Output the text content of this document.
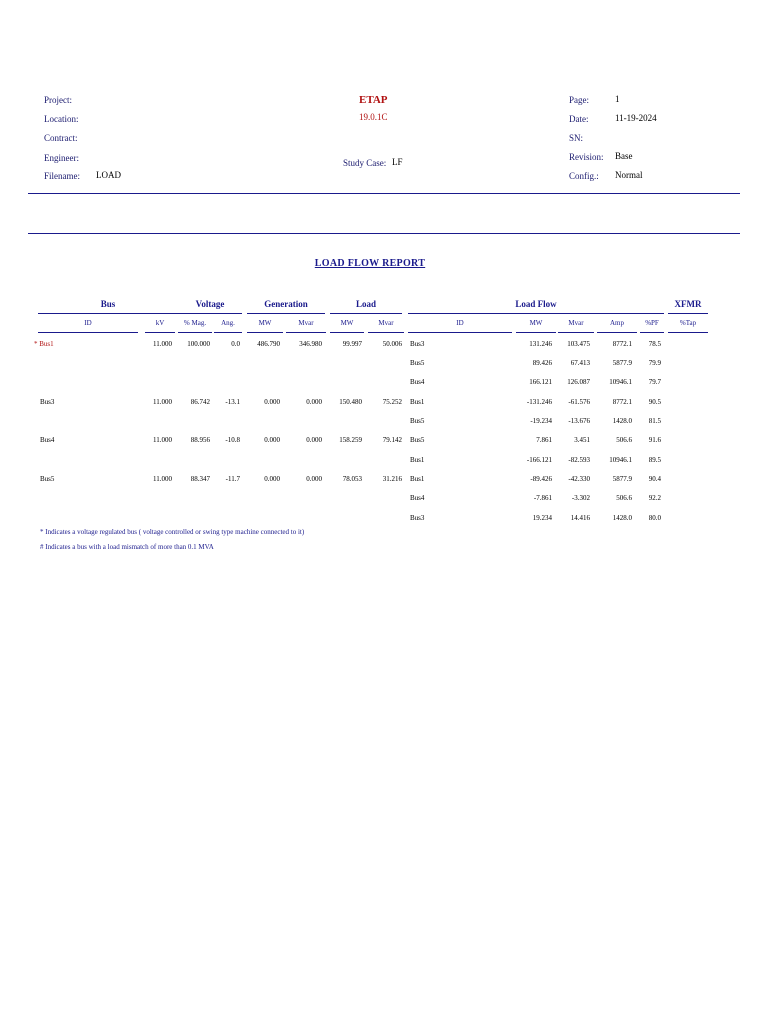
Project:
Location:
Contract:
Engineer:
Filename: LOAD
ETAP
19.0.1C
Study Case: LF
Page:	1
Date:	11-19-2024
SN:
Revision: Base
Config.: Normal
LOAD FLOW REPORT
Bus	Voltage	Generation	Load	Load Flow	XFMR
ID	kV	% Mag.	Ang.	MW	Mvar	MW	Mvar	ID	MW	Mvar	Amp	%PF	%Tap
* Bus1	11.000	100.000	0.0	486.790	346.980	99.997	50.006 Bus3	131.246	103.475	8772.1	78.5
Bus5	89.426	67.413	5877.9	79.9
Bus4	166.121	126.087	10946.1	79.7
Bus3	11.000	86.742	-13.1	0.000	0.000	150.480	75.252 Bus1	-131.246	-61.576	8772.1	90.5
Bus5	-19.234	-13.676	1428.0	81.5
Bus4	11.000	88.956	-10.8	0.000	0.000	158.259	79.142 Bus5	7.861	3.451	506.6	91.6
Bus1	-166.121	-82.593	10946.1	89.5
Bus5	11.000	88.347	-11.7	0.000	0.000	78.053	31.216 Bus1	-89.426	-42.330	5877.9	90.4
Bus4	-7.861	-3.302	506.6	92.2
Bus3	19.234	14.416	1428.0	80.0
* Indicates a voltage regulated bus ( voltage controlled or swing type machine connected to it)
# Indicates a bus with a load mismatch of more than 0.1 MVA
